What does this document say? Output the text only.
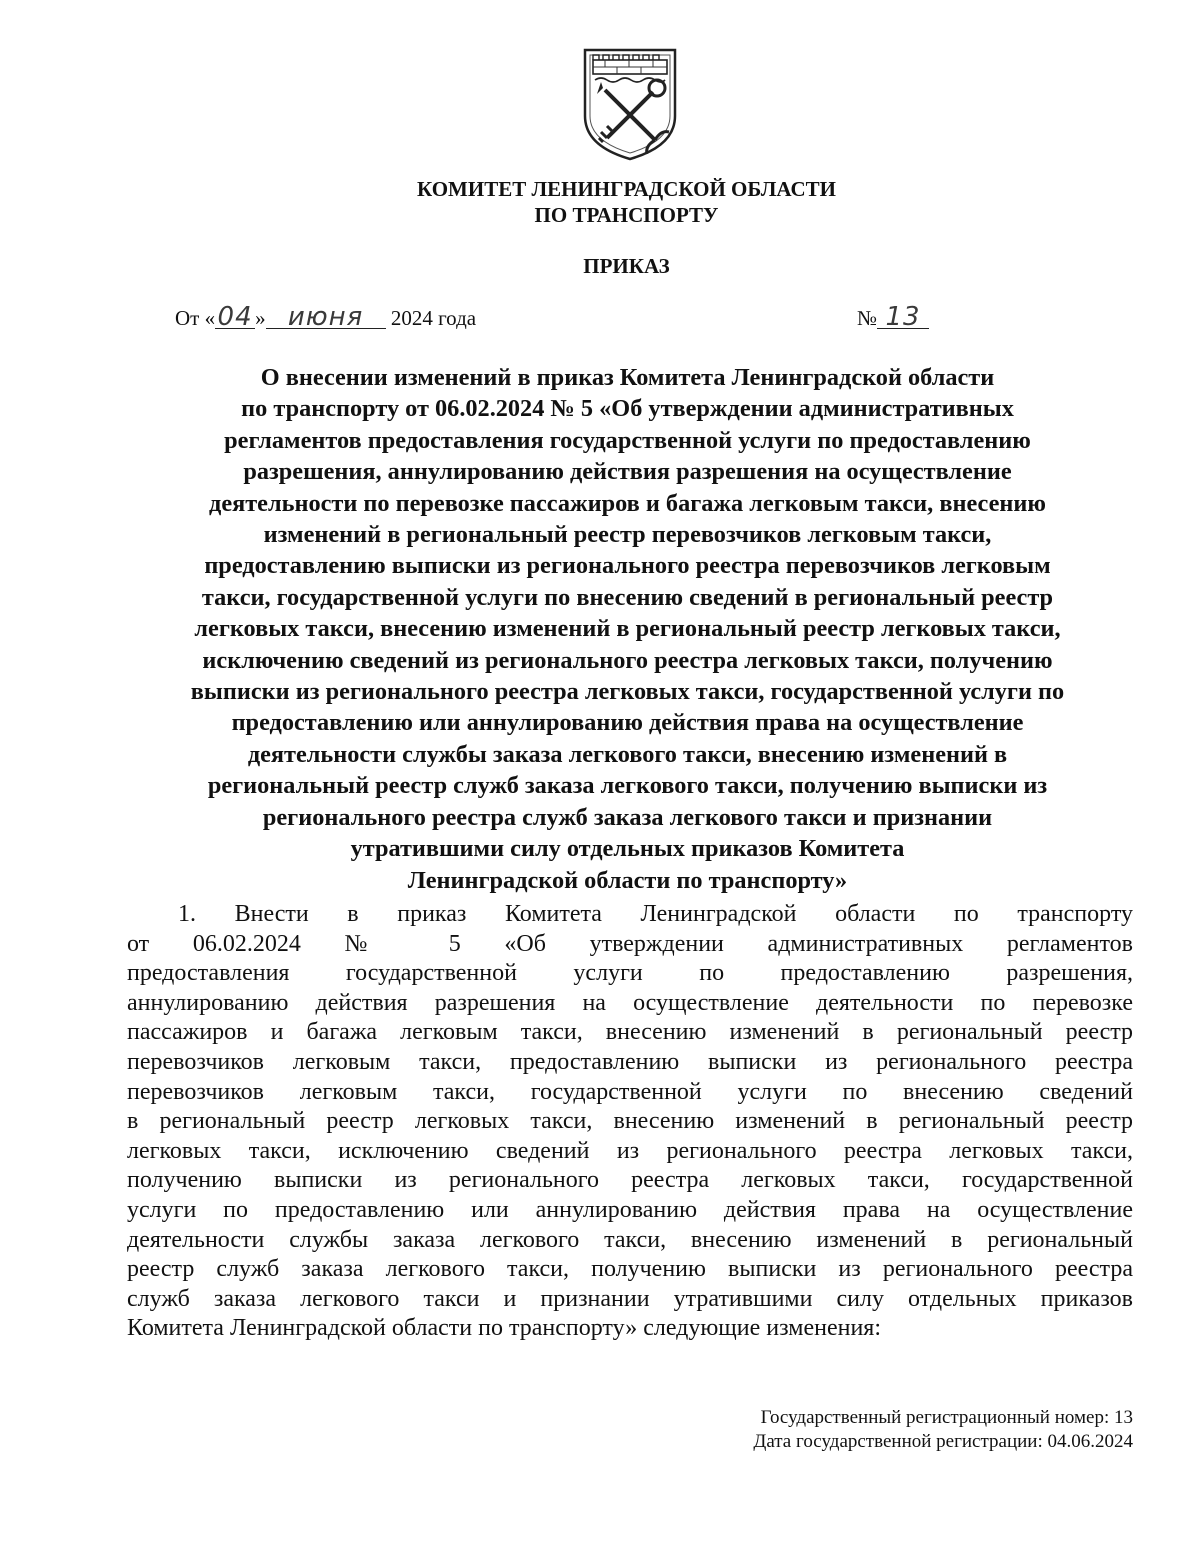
КОМИТЕТ ЛЕНИНГРАДСКОЙ ОБЛАСТИ
ПО ТРАНСПОРТУ
ПРИКАЗ
От «04 » июня 2024 года	№ 13
О внесении изменений в приказ Комитета Ленинградской области
по транспорту от 06.02.2024 № 5 «Об утверждении административных
регламентов предоставления государственной услуги по предоставлению
разрешения, аннулированию действия разрешения на осуществление
деятельности по перевозке пассажиров и багажа легковым такси, внесению
изменений в региональный реестр перевозчиков легковым такси,
предоставлению выписки из регионального реестра перевозчиков легковым
такси, государственной услуги по внесению сведений в региональный реестр
легковых такси, внесению изменений в региональный реестр легковых такси,
исключению сведений из регионального реестра легковых такси, получению
выписки из регионального реестра легковых такси, государственной услуги по
предоставлению или аннулированию действия права на осуществление
деятельности службы заказа легкового такси, внесению изменений в
региональный реестр служб заказа легкового такси, получению выписки из
регионального реестра служб заказа легкового такси и признании
утратившими силу отдельных приказов Комитета
Ленинградской области по транспорту»
1. Внести в приказ Комитета Ленинградской области по транспорту
от 06.02.2024 № 5 «Об утверждении административных регламентов
предоставления государственной услуги по предоставлению разрешения,
аннулированию действия разрешения на осуществление деятельности по перевозке
пассажиров и багажа легковым такси, внесению изменений в региональный реестр
перевозчиков легковым такси, предоставлению выписки из регионального реестра
перевозчиков легковым такси, государственной услуги по внесению сведений
в региональный реестр легковых такси, внесению изменений в региональный реестр
легковых такси, исключению сведений из регионального реестра легковых такси,
получению выписки из регионального реестра легковых такси, государственной
услуги по предоставлению или аннулированию действия права на осуществление
деятельности службы заказа легкового такси, внесению изменений в региональный
реестр служб заказа легкового такси, получению выписки из регионального реестра
служб заказа легкового такси и признании утратившими силу отдельных приказов
Комитета Ленинградской области по транспорту» следующие изменения:
Государственный регистрационный номер: 13
Дата государственной регистрации: 04.06.2024
